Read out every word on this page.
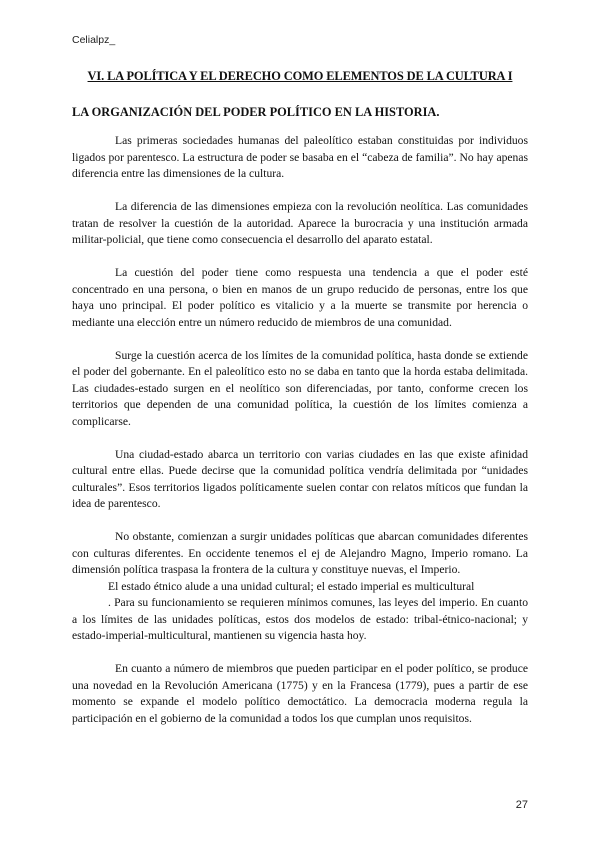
Celialpz_
VI. LA POLÍTICA Y EL DERECHO COMO ELEMENTOS DE LA CULTURA I
LA ORGANIZACIÓN DEL PODER POLÍTICO EN LA HISTORIA.

Las primeras sociedades humanas del paleolítico estaban constituidas por individuos ligados por parentesco. La estructura de poder se basaba en el “cabeza de familia”. No hay apenas diferencia entre las dimensiones de la cultura.

La diferencia de las dimensiones empieza con la revolución neolítica. Las comunidades tratan de resolver la cuestión de la autoridad. Aparece la burocracia y una institución armada militar-policial, que tiene como consecuencia el desarrollo del aparato estatal.

La cuestión del poder tiene como respuesta una tendencia a que el poder esté concentrado en una persona, o bien en manos de un grupo reducido de personas, entre los que haya uno principal. El poder político es vitalicio y a la muerte se transmite por herencia o mediante una elección entre un número reducido de miembros de una comunidad.

Surge la cuestión acerca de los límites de la comunidad política, hasta donde se extiende el poder del gobernante. En el paleolítico esto no se daba en tanto que la horda estaba delimitada. Las ciudades-estado surgen en el neolítico son diferenciadas, por tanto, conforme crecen los territorios que dependen de una comunidad política, la cuestión de los límites comienza a complicarse.

Una ciudad-estado abarca un territorio con varias ciudades en las que existe afinidad cultural entre ellas. Puede decirse que la comunidad política vendría delimitada por “unidades culturales”. Esos territorios ligados políticamente suelen contar con relatos míticos que fundan la idea de parentesco.

No obstante, comienzan a surgir unidades políticas que abarcan comunidades diferentes con culturas diferentes. En occidente tenemos el ej de Alejandro Magno, Imperio romano. La dimensión política traspasa la frontera de la cultura y constituye nuevas, el Imperio.

El estado étnico alude a una unidad cultural; el estado imperial es multicultural

. Para su funcionamiento se requieren mínimos comunes, las leyes del imperio. En cuanto a los límites de las unidades políticas, estos dos modelos de estado: tribal-étnico-nacional; y estado-imperial-multicultural, mantienen su vigencia hasta hoy.

En cuanto a número de miembros que pueden participar en el poder político, se produce una novedad en la Revolución Americana (1775) y en la Francesa (1779), pues a partir de ese momento se expande el modelo político democtático. La democracia moderna regula la participación en el gobierno de la comunidad a todos los que cumplan unos requisitos.

27
